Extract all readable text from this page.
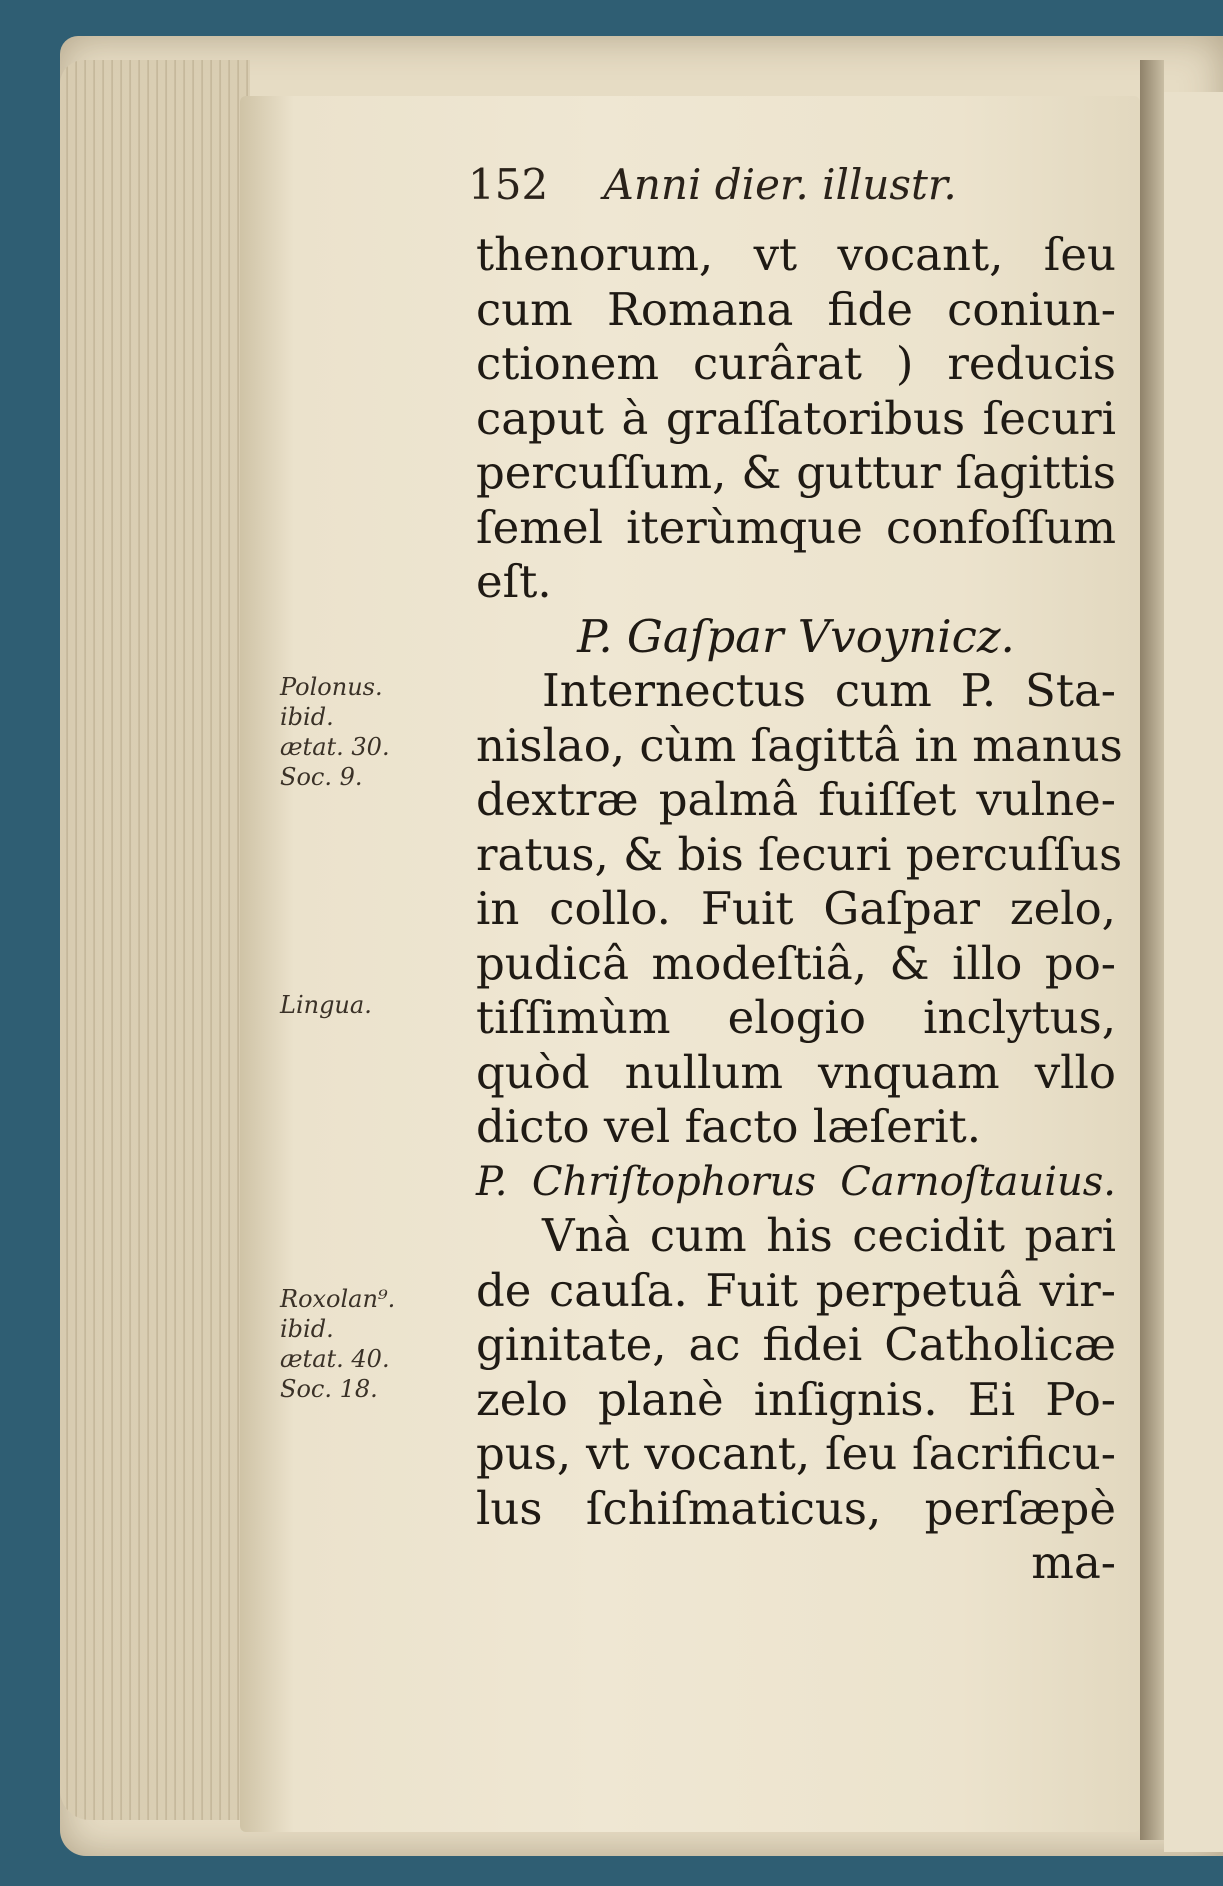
152 Anni dier. illustr.
Polonus.
ibid.
ætat. 30.
Soc. 9.
Lingua.
Roxolan⁹.
ibid.
ætat. 40.
Soc. 18.
thenorum, vt vocant, ſeu
cum Romana fide coniun-
ctionem curârat ) reducis
caput à graſſatoribus ſecuri
percuſſum, & guttur ſagittis
ſemel iterùmque confoſſum
eſt.
P. Gaſpar Vvoynicz.
Internectus cum P. Sta-
nislao, cùm ſagittâ in manus
dextræ palmâ fuiſſet vulne-
ratus, & bis ſecuri percuſſus
in collo. Fuit Gaſpar zelo,
pudicâ modeſtiâ, & illo po-
tiſſimùm elogio inclytus,
quòd nullum vnquam vllo
dicto vel facto læſerit.
P. Chriſtophorus Carnoſtauius.
Vnà cum his cecidit pari
de cauſa. Fuit perpetuâ vir-
ginitate, ac fidei Catholicæ
zelo planè inſignis. Ei Po-
pus, vt vocant, ſeu ſacrificu-
lus ſchiſmaticus, perſæpè
ma-
